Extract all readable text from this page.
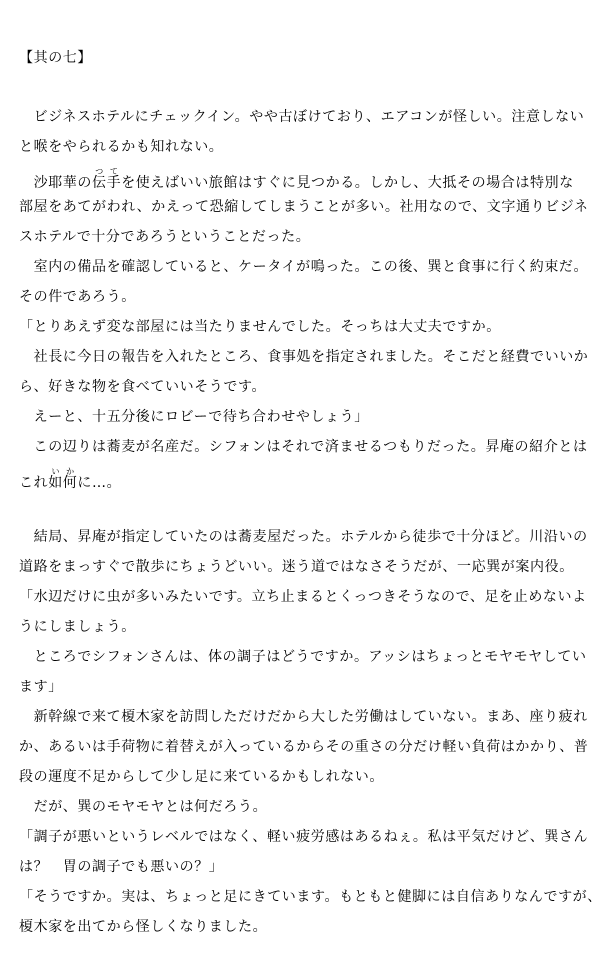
【其の七】
　ビジネスホテルにチェックイン。やや古ぼけており、エアコンが怪しい。注意しない
と喉をやられるかも知れない。
　沙耶華の伝手つてを使えばいい旅館はすぐに見つかる。しかし、大抵その場合は特別な
部屋をあてがわれ、かえって恐縮してしまうことが多い。社用なので、文字通りビジネ
スホテルで十分であろうということだった。
　室内の備品を確認していると、ケータイが鳴った。この後、巽と食事に行く約束だ。
その件であろう。
「とりあえず変な部屋には当たりませんでした。そっちは大丈夫ですか。
　社長に今日の報告を入れたところ、食事処を指定されました。そこだと経費でいいか
ら、好きな物を食べていいそうです。
　えーと、十五分後にロビーで待ち合わせやしょう」
　この辺りは蕎麦が名産だ。シフォンはそれで済ませるつもりだった。昇庵の紹介とは
これ如何いかに…。
　結局、昇庵が指定していたのは蕎麦屋だった。ホテルから徒歩で十分ほど。川沿いの
道路をまっすぐで散歩にちょうどいい。迷う道ではなさそうだが、一応巽が案内役。
「水辺だけに虫が多いみたいです。立ち止まるとくっつきそうなので、足を止めないよ
うにしましょう。
　ところでシフォンさんは、体の調子はどうですか。アッシはちょっとモヤモヤしてい
ます」
　新幹線で来て榎木家を訪問しただけだから大した労働はしていない。まあ、座り疲れ
か、あるいは手荷物に着替えが入っているからその重さの分だけ軽い負荷はかかり、普
段の運度不足からして少し足に来ているかもしれない。
　だが、巽のモヤモヤとは何だろう。
「調子が悪いというレベルではなく、軽い疲労感はあるねぇ。私は平気だけど、巽さん
は？　胃の調子でも悪いの？」
「そうですか。実は、ちょっと足にきています。もともと健脚には自信ありなんですが、
榎木家を出てから怪しくなりました。
